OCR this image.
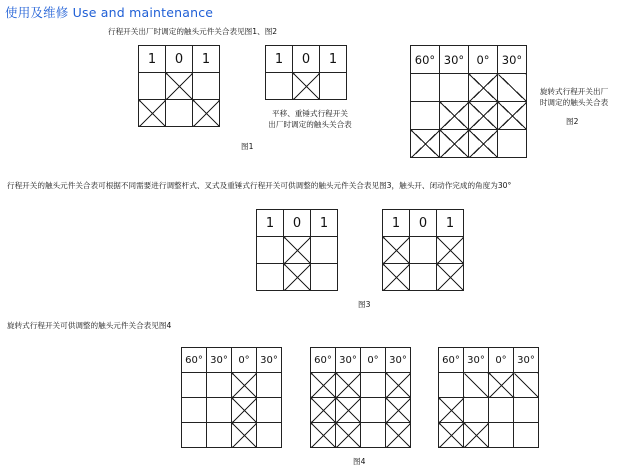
使用及维修 Use and maintenance
行程开关出厂时调定的触头元件关合表见图1、图2
1	0	1

			1	0	1

平移、重锤式行程开关
出厂时调定的触头关合表
图1
60°	30°	0°	30°

旋转式行程开关出厂
时调定的触头关合表
图2
行程开关的触头元件关合表可根据不同需要进行调整杆式、叉式及重锤式行程开关可供调整的触头元件关合表见图3，触头开、闭动作完成的角度为30°
1	0	1

			1	0	1

图3
旋转式行程开关可供调整的触头元件关合表见图4
60°	30°	0°	30°

				60°	30°	0°	30°

				60°	30°	0°	30°

图4
